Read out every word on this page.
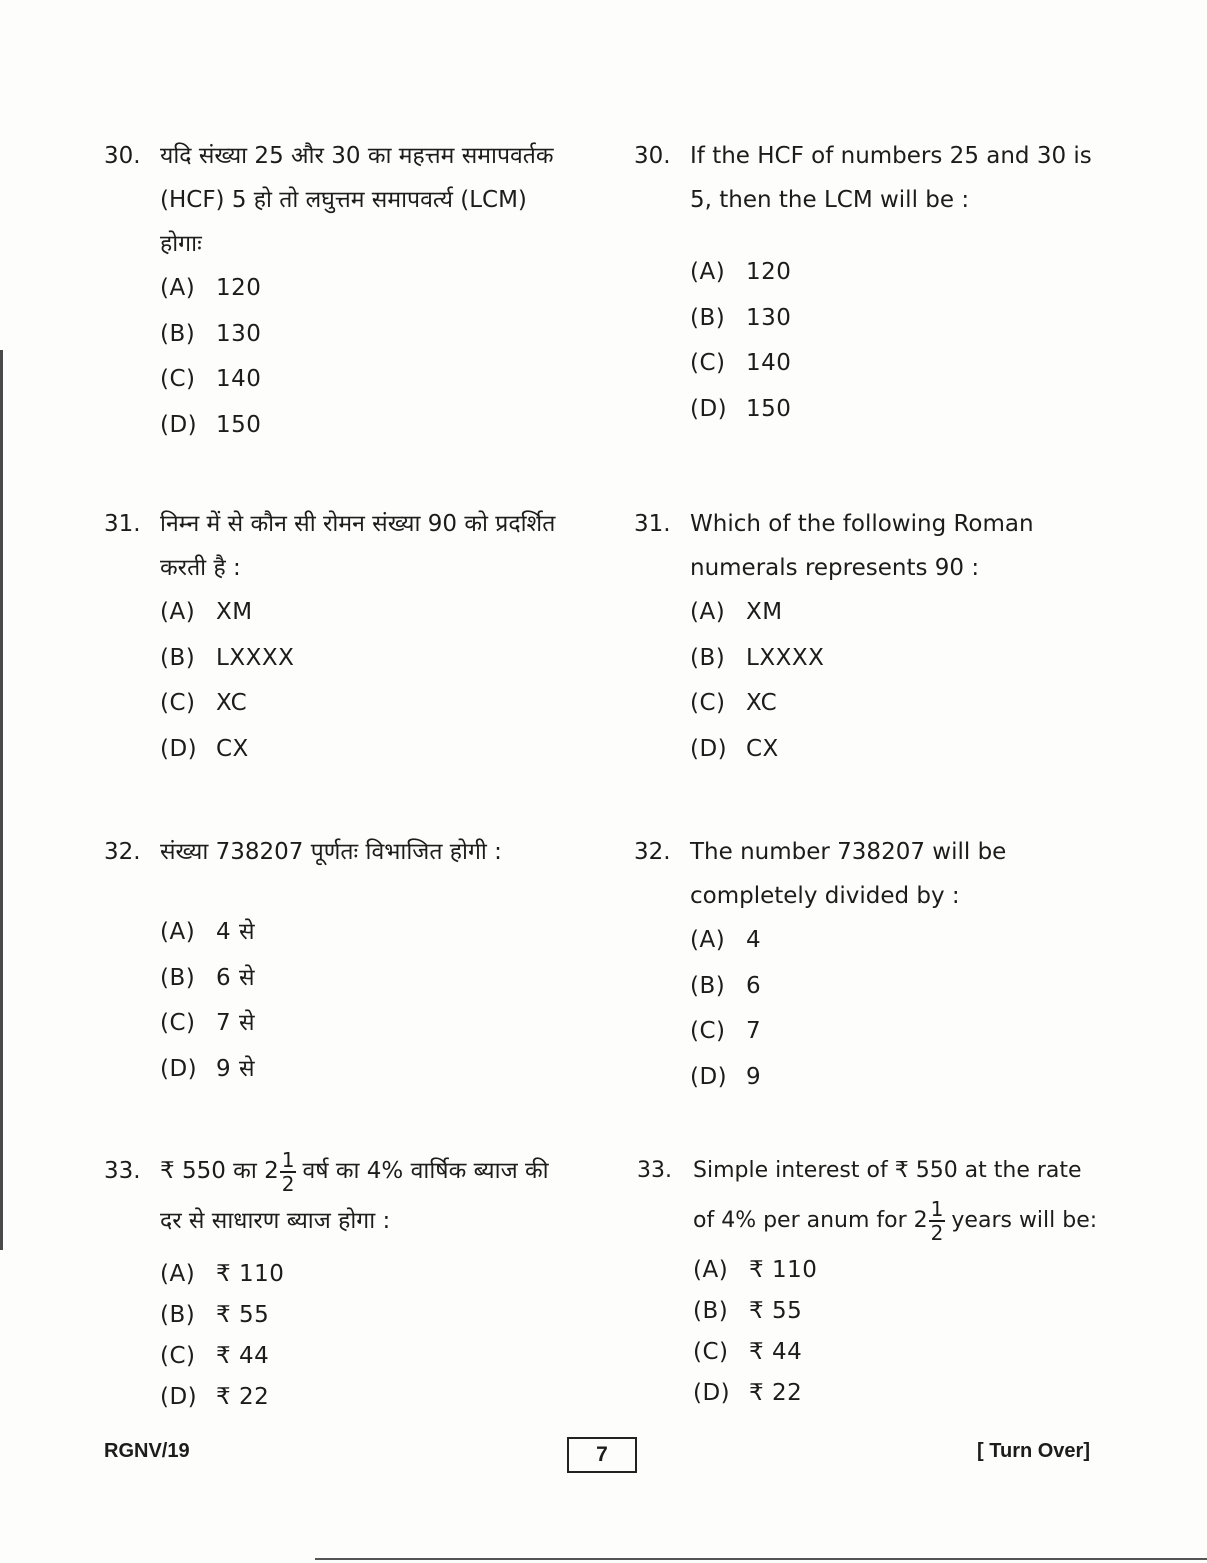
30. यदि संख्या 25 और 30 का महत्तम समापवर्तक (HCF) 5 हो तो लघुत्तम समापवर्त्य (LCM) होगाः
(A) 120
(B) 130
(C) 140
(D) 150
30. If the HCF of numbers 25 and 30 is 5, then the LCM will be :
(A) 120
(B) 130
(C) 140
(D) 150
31. निम्न में से कौन सी रोमन संख्या 90 को प्रदर्शित करती है :
(A) XM
(B) LXXXX
(C) XC
(D) CX
31. Which of the following Roman numerals represents 90 :
(A) XM
(B) LXXXX
(C) XC
(D) CX
32. संख्या 738207 पूर्णतः विभाजित होगी :
(A) 4 से
(B) 6 से
(C) 7 से
(D) 9 से
32. The number 738207 will be completely divided by :
(A) 4
(B) 6
(C) 7
(D) 9
33. ₹ 550 का $2 \frac{1}{2}$ वर्ष का 4% वार्षिक ब्याज की दर से साधारण ब्याज होगा :
(A) ₹ 110
(B) ₹ 55
(C) ₹ 44
(D) ₹ 22
33. Simple interest of ₹ 550 at the rate of 4% per anum for $2 \frac{1}{2}$ years will be:
(A) ₹ 110
(B) ₹ 55
(C) ₹ 44
(D) ₹ 22
RGNV/19	7	[ Turn Over]
